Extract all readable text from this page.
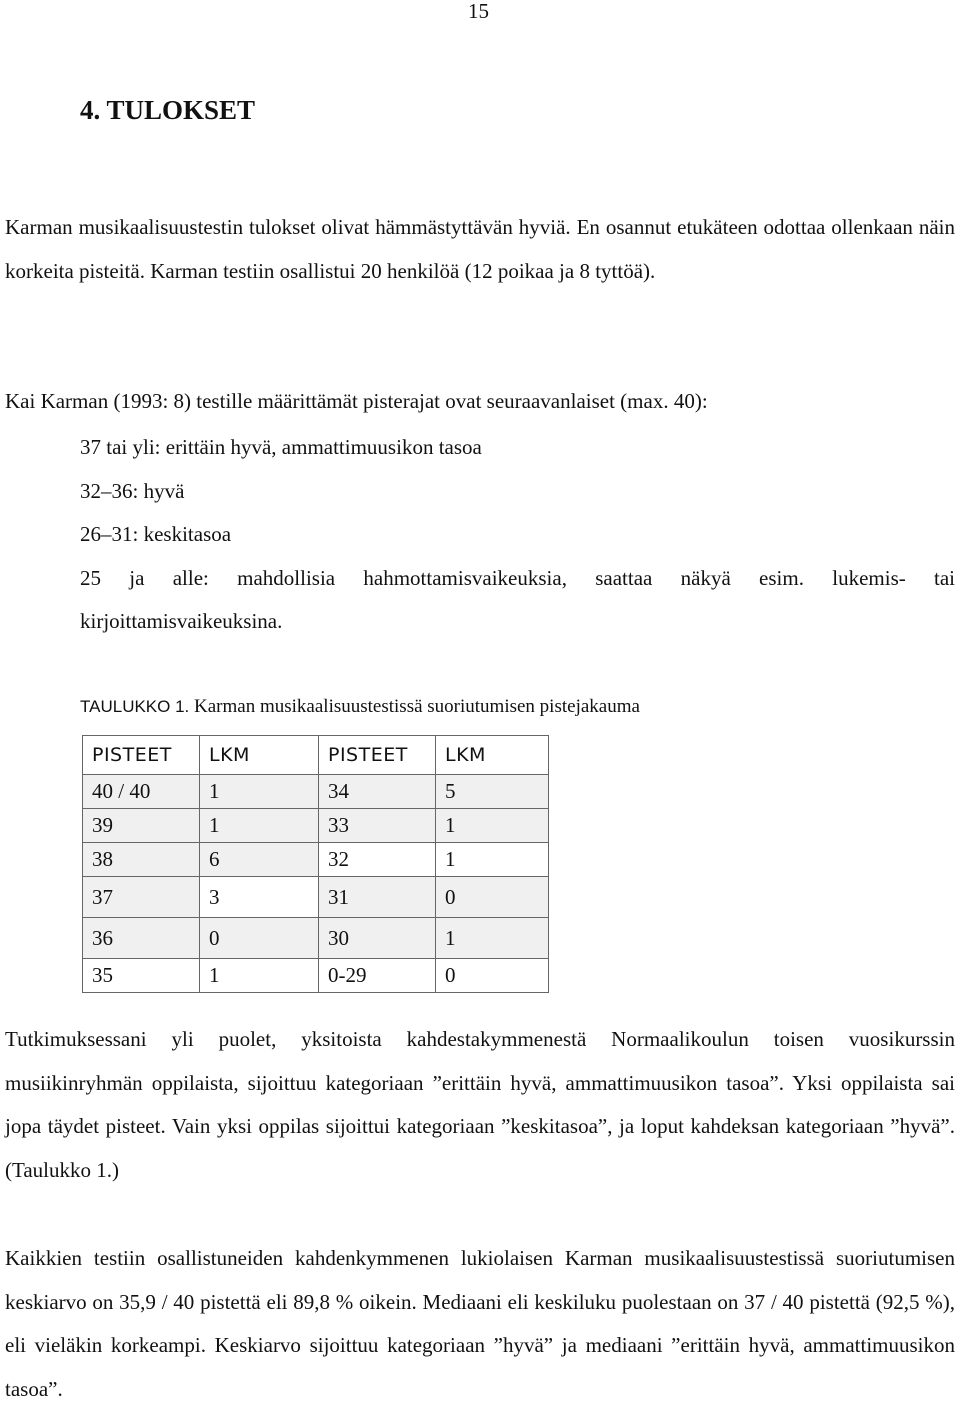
15
4. TULOKSET

Karman musikaalisuustestin tulokset olivat hämmästyttävän hyviä. En osannut etukäteen odottaa ollenkaan näin korkeita pisteitä. Karman testiin osallistui 20 henkilöä (12 poikaa ja 8 tyttöä).

Kai Karman (1993: 8) testille määrittämät pisterajat ovat seuraavanlaiset (max. 40):

37 tai yli: erittäin hyvä, ammattimuusikon tasoa
32–36: hyvä
26–31: keskitasoa
25 ja alle: mahdollisia hahmottamisvaikeuksia, saattaa näkyä esim. lukemis- tai kirjoittamisvaikeuksina.

TAULUKKO 1. Karman musikaalisuustestissä suoriutumisen pistejakauma

PISTEET	LKM	PISTEET	LKM
40 / 40	1	34	5
39	1	33	1
38	6	32	1
37	3	31	0
36	0	30	1
35	1	0-29	0

Tutkimuksessani yli puolet, yksitoista kahdestakymmenestä Normaalikoulun toisen vuosikurssin musiikinryhmän oppilaista, sijoittuu kategoriaan ”erittäin hyvä, ammattimuusikon tasoa”. Yksi oppilaista sai jopa täydet pisteet. Vain yksi oppilas sijoittui kategoriaan ”keskitasoa”, ja loput kahdeksan kategoriaan ”hyvä”. (Taulukko 1.)

Kaikkien testiin osallistuneiden kahdenkymmenen lukiolaisen Karman musikaalisuustestissä suoriutumisen keskiarvo on 35,9 / 40 pistettä eli 89,8 % oikein. Mediaani eli keskiluku puolestaan on 37 / 40 pistettä (92,5 %), eli vieläkin korkeampi. Keskiarvo sijoittuu kategoriaan ”hyvä” ja mediaani ”erittäin hyvä, ammattimuusikon tasoa”.
